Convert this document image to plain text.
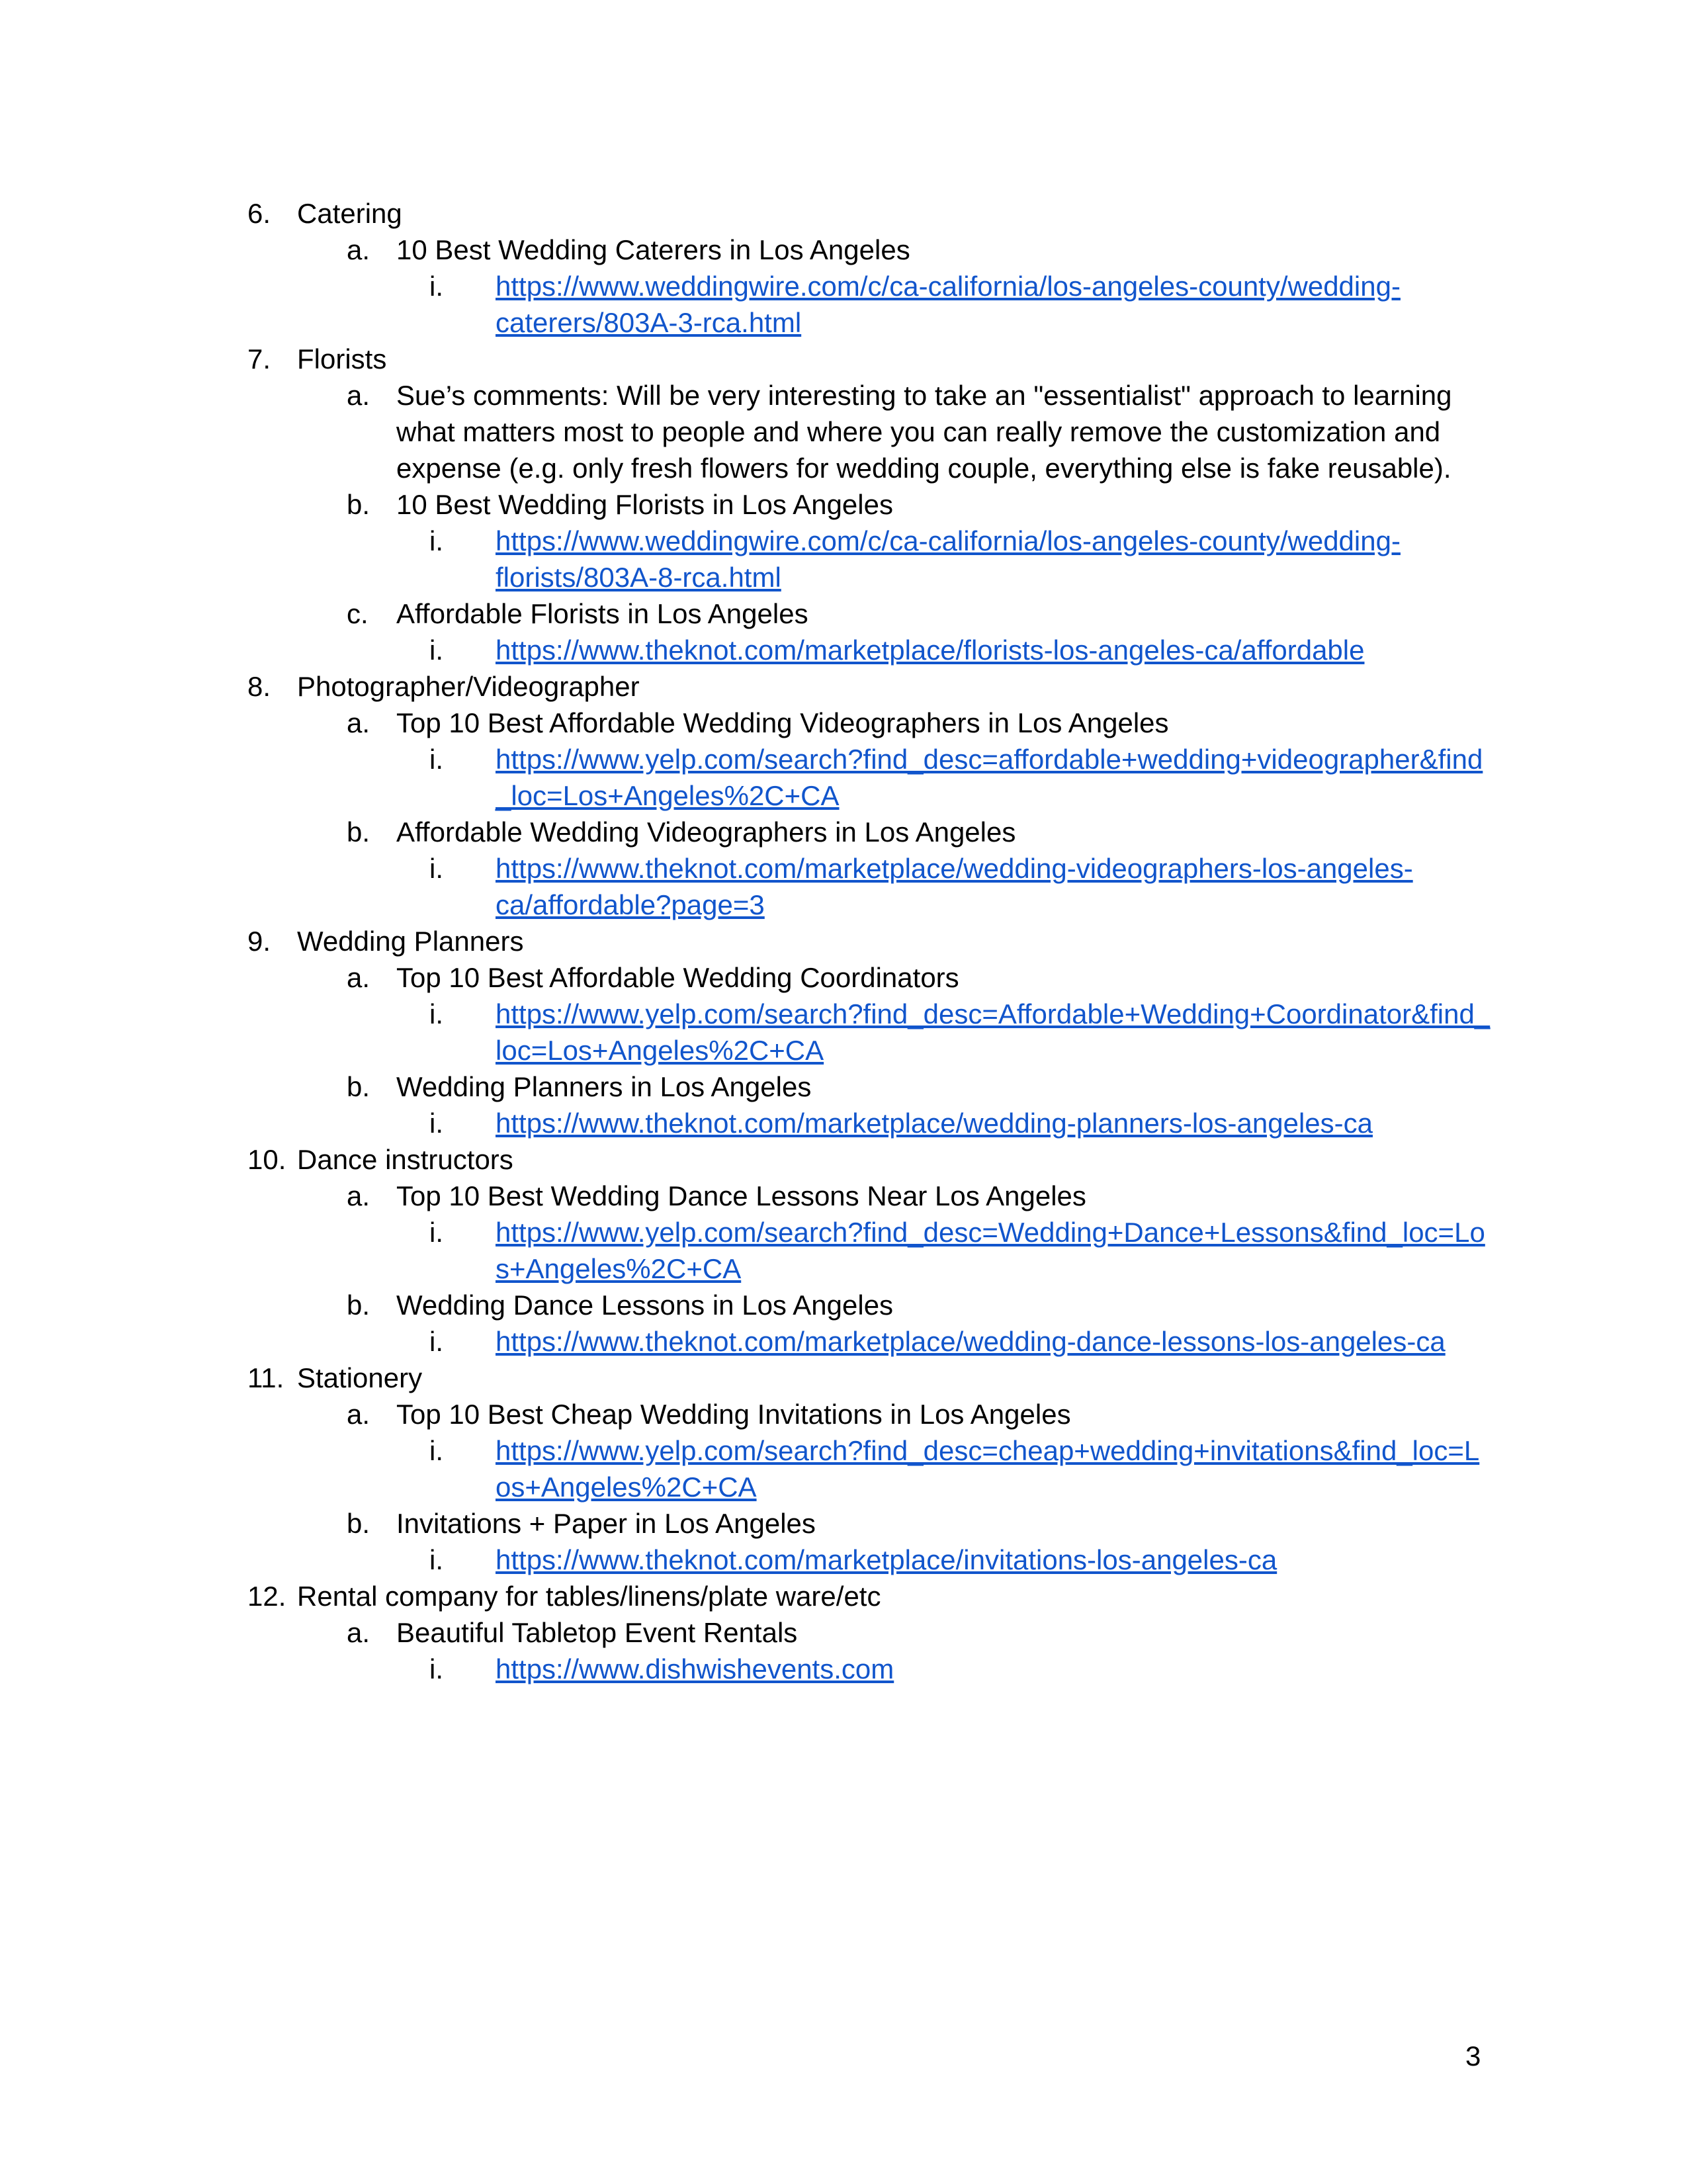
6. Catering
a. 10 Best Wedding Caterers in Los Angeles
i. https://www.weddingwire.com/c/ca-california/los-angeles-county/wedding-
caterers/803A-3-rca.html
7. Florists
a. Sue’s comments: Will be very interesting to take an "essentialist" approach to learning
what matters most to people and where you can really remove the customization and
expense (e.g. only fresh flowers for wedding couple, everything else is fake reusable).
b. 10 Best Wedding Florists in Los Angeles
i. https://www.weddingwire.com/c/ca-california/los-angeles-county/wedding-
florists/803A-8-rca.html
c. Affordable Florists in Los Angeles
i. https://www.theknot.com/marketplace/florists-los-angeles-ca/affordable
8. Photographer/Videographer
a. Top 10 Best Affordable Wedding Videographers in Los Angeles
i. https://www.yelp.com/search?find_desc=affordable+wedding+videographer&find
_loc=Los+Angeles%2C+CA
b. Affordable Wedding Videographers in Los Angeles
i. https://www.theknot.com/marketplace/wedding-videographers-los-angeles-
ca/affordable?page=3
9. Wedding Planners
a. Top 10 Best Affordable Wedding Coordinators
i. https://www.yelp.com/search?find_desc=Affordable+Wedding+Coordinator&find_
loc=Los+Angeles%2C+CA
b. Wedding Planners in Los Angeles
i. https://www.theknot.com/marketplace/wedding-planners-los-angeles-ca
10. Dance instructors
a. Top 10 Best Wedding Dance Lessons Near Los Angeles
i. https://www.yelp.com/search?find_desc=Wedding+Dance+Lessons&find_loc=Lo
s+Angeles%2C+CA
b. Wedding Dance Lessons in Los Angeles
i. https://www.theknot.com/marketplace/wedding-dance-lessons-los-angeles-ca
11. Stationery
a. Top 10 Best Cheap Wedding Invitations in Los Angeles
i. https://www.yelp.com/search?find_desc=cheap+wedding+invitations&find_loc=L
os+Angeles%2C+CA
b. Invitations + Paper in Los Angeles
i. https://www.theknot.com/marketplace/invitations-los-angeles-ca
12. Rental company for tables/linens/plate ware/etc
a. Beautiful Tabletop Event Rentals
i. https://www.dishwishevents.com
3
